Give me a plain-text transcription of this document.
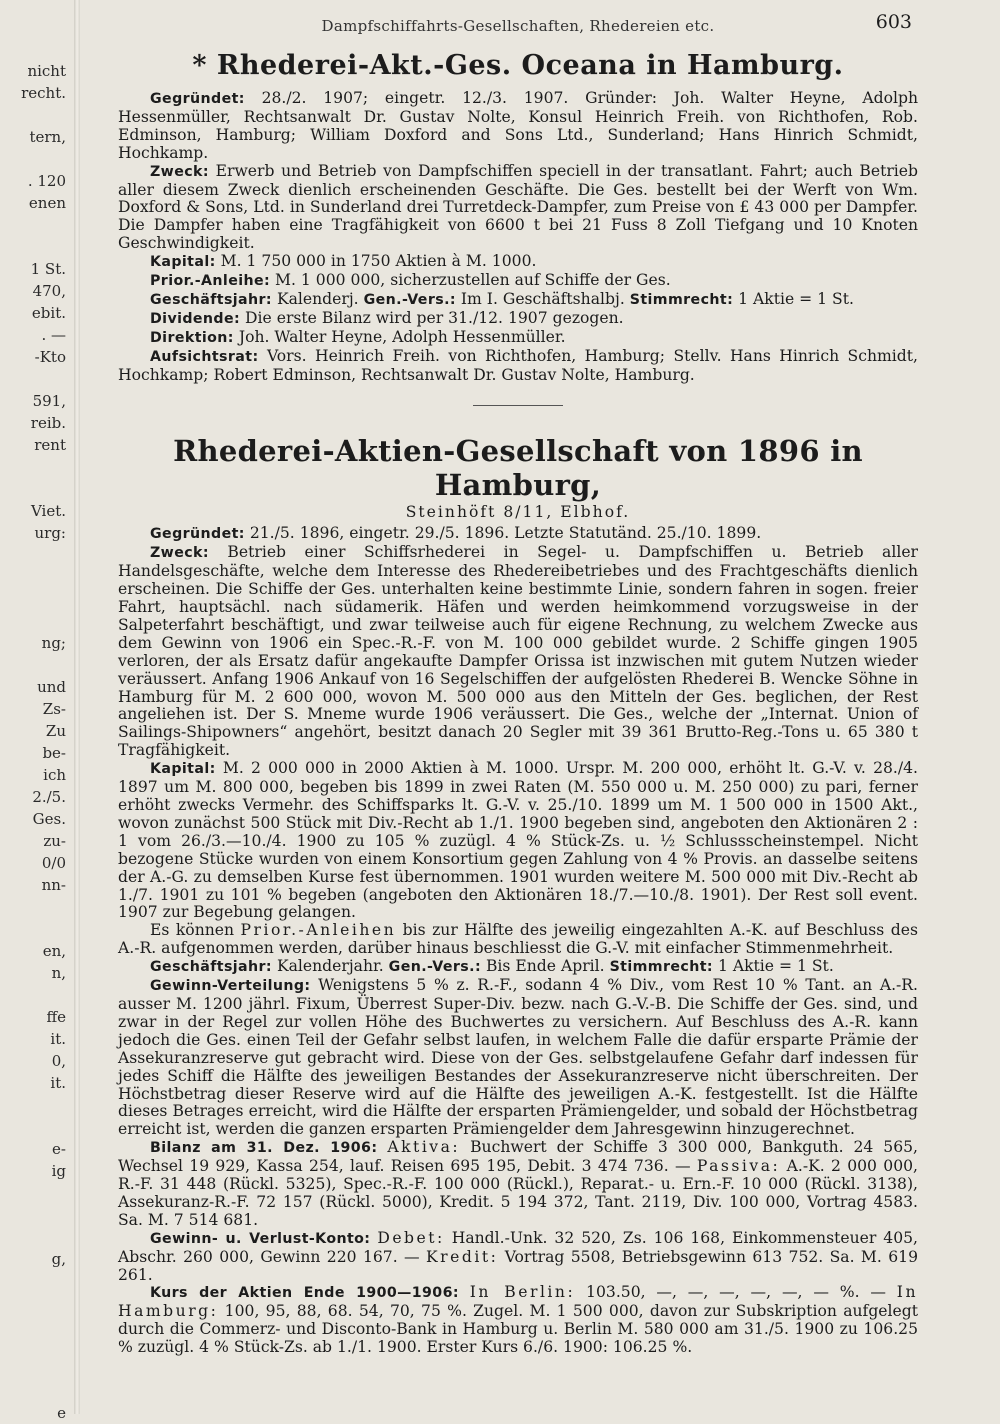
nicht
recht.
tern,
. 120
enen
1 St.
470,
ebit.
. —
-Kto
591,
reib.
rent
Viet.
urg:
ng;
und
Zs-
Zu
be-
ich
2./5.
Ges.
zu-
0/0
nn-
en,
n,
ffe
it.
0,
it.
e-
ig
g,
e
Dampfschiffahrts-Gesellschaften, Rhedereien etc.	603
* Rhederei-Akt.-Ges. Oceana in Hamburg.

Gegründet: 28./2. 1907; eingetr. 12./3. 1907. Gründer: Joh. Walter Heyne, Adolph Hessenmüller, Rechtsanwalt Dr. Gustav Nolte, Konsul Heinrich Freih. von Richthofen, Rob. Edminson, Hamburg; William Doxford and Sons Ltd., Sunderland; Hans Hinrich Schmidt, Hochkamp.

Zweck: Erwerb und Betrieb von Dampfschiffen speciell in der transatlant. Fahrt; auch Betrieb aller diesem Zweck dienlich erscheinenden Geschäfte. Die Ges. bestellt bei der Werft von Wm. Doxford & Sons, Ltd. in Sunderland drei Turretdeck-Dampfer, zum Preise von £ 43 000 per Dampfer. Die Dampfer haben eine Tragfähigkeit von 6600 t bei 21 Fuss 8 Zoll Tiefgang und 10 Knoten Geschwindigkeit.

Kapital: M. 1 750 000 in 1750 Aktien à M. 1000.

Prior.-Anleihe: M. 1 000 000, sicherzustellen auf Schiffe der Ges.

Geschäftsjahr: Kalenderj. Gen.-Vers.: Im I. Geschäftshalbj. Stimmrecht: 1 Aktie = 1 St.

Dividende: Die erste Bilanz wird per 31./12. 1907 gezogen.

Direktion: Joh. Walter Heyne, Adolph Hessenmüller.

Aufsichtsrat: Vors. Heinrich Freih. von Richthofen, Hamburg; Stellv. Hans Hinrich Schmidt, Hochkamp; Robert Edminson, Rechtsanwalt Dr. Gustav Nolte, Hamburg.

Rhederei-Aktien-Gesellschaft von 1896 in Hamburg,
Steinhöft 8/11, Elbhof.

Gegründet: 21./5. 1896, eingetr. 29./5. 1896. Letzte Statutänd. 25./10. 1899.

Zweck: Betrieb einer Schiffsrhederei in Segel- u. Dampfschiffen u. Betrieb aller Handelsgeschäfte, welche dem Interesse des Rhedereibetriebes und des Frachtgeschäfts dienlich erscheinen. Die Schiffe der Ges. unterhalten keine bestimmte Linie, sondern fahren in sogen. freier Fahrt, hauptsächl. nach südamerik. Häfen und werden heimkommend vorzugsweise in der Salpeterfahrt beschäftigt, und zwar teilweise auch für eigene Rechnung, zu welchem Zwecke aus dem Gewinn von 1906 ein Spec.-R.-F. von M. 100 000 gebildet wurde. 2 Schiffe gingen 1905 verloren, der als Ersatz dafür angekaufte Dampfer Orissa ist inzwischen mit gutem Nutzen wieder veräussert. Anfang 1906 Ankauf von 16 Segelschiffen der aufgelösten Rhederei B. Wencke Söhne in Hamburg für M. 2 600 000, wovon M. 500 000 aus den Mitteln der Ges. beglichen, der Rest angeliehen ist. Der S. Mneme wurde 1906 veräussert. Die Ges., welche der „Internat. Union of Sailings-Shipowners“ angehört, besitzt danach 20 Segler mit 39 361 Brutto-Reg.-Tons u. 65 380 t Tragfähigkeit.

Kapital: M. 2 000 000 in 2000 Aktien à M. 1000. Urspr. M. 200 000, erhöht lt. G.-V. v. 28./4. 1897 um M. 800 000, begeben bis 1899 in zwei Raten (M. 550 000 u. M. 250 000) zu pari, ferner erhöht zwecks Vermehr. des Schiffsparks lt. G.-V. v. 25./10. 1899 um M. 1 500 000 in 1500 Akt., wovon zunächst 500 Stück mit Div.-Recht ab 1./1. 1900 begeben sind, angeboten den Aktionären 2 : 1 vom 26./3.—10./4. 1900 zu 105 % zuzügl. 4 % Stück-Zs. u. ½ Schlussscheinstempel. Nicht bezogene Stücke wurden von einem Konsortium gegen Zahlung von 4 % Provis. an dasselbe seitens der A.-G. zu demselben Kurse fest übernommen. 1901 wurden weitere M. 500 000 mit Div.-Recht ab 1./7. 1901 zu 101 % begeben (angeboten den Aktionären 18./7.—10./8. 1901). Der Rest soll event. 1907 zur Begebung gelangen.

Es können Prior.-Anleihen bis zur Hälfte des jeweilig eingezahlten A.-K. auf Beschluss des A.-R. aufgenommen werden, darüber hinaus beschliesst die G.-V. mit einfacher Stimmenmehrheit.

Geschäftsjahr: Kalenderjahr. Gen.-Vers.: Bis Ende April. Stimmrecht: 1 Aktie = 1 St.

Gewinn-Verteilung: Wenigstens 5 % z. R.-F., sodann 4 % Div., vom Rest 10 % Tant. an A.-R. ausser M. 1200 jährl. Fixum, Überrest Super-Div. bezw. nach G.-V.-B. Die Schiffe der Ges. sind, und zwar in der Regel zur vollen Höhe des Buchwertes zu versichern. Auf Beschluss des A.-R. kann jedoch die Ges. einen Teil der Gefahr selbst laufen, in welchem Falle die dafür ersparte Prämie der Assekuranzreserve gut gebracht wird. Diese von der Ges. selbstgelaufene Gefahr darf indessen für jedes Schiff die Hälfte des jeweiligen Bestandes der Assekuranzreserve nicht überschreiten. Der Höchstbetrag dieser Reserve wird auf die Hälfte des jeweiligen A.-K. festgestellt. Ist die Hälfte dieses Betrages erreicht, wird die Hälfte der ersparten Prämiengelder, und sobald der Höchstbetrag erreicht ist, werden die ganzen ersparten Prämiengelder dem Jahresgewinn hinzugerechnet.

Bilanz am 31. Dez. 1906: Aktiva: Buchwert der Schiffe 3 300 000, Bankguth. 24 565, Wechsel 19 929, Kassa 254, lauf. Reisen 695 195, Debit. 3 474 736. — Passiva: A.-K. 2 000 000, R.-F. 31 448 (Rückl. 5325), Spec.-R.-F. 100 000 (Rückl.), Reparat.- u. Ern.-F. 10 000 (Rückl. 3138), Assekuranz-R.-F. 72 157 (Rückl. 5000), Kredit. 5 194 372, Tant. 2119, Div. 100 000, Vortrag 4583. Sa. M. 7 514 681.

Gewinn- u. Verlust-Konto: Debet: Handl.-Unk. 32 520, Zs. 106 168, Einkommensteuer 405, Abschr. 260 000, Gewinn 220 167. — Kredit: Vortrag 5508, Betriebsgewinn 613 752. Sa. M. 619 261.

Kurs der Aktien Ende 1900—1906: In Berlin: 103.50, —, —, —, —, —, — %. — In Hamburg: 100, 95, 88, 68. 54, 70, 75 %. Zugel. M. 1 500 000, davon zur Subskription aufgelegt durch die Commerz- und Disconto-Bank in Hamburg u. Berlin M. 580 000 am 31./5. 1900 zu 106.25 % zuzügl. 4 % Stück-Zs. ab 1./1. 1900. Erster Kurs 6./6. 1900: 106.25 %.
